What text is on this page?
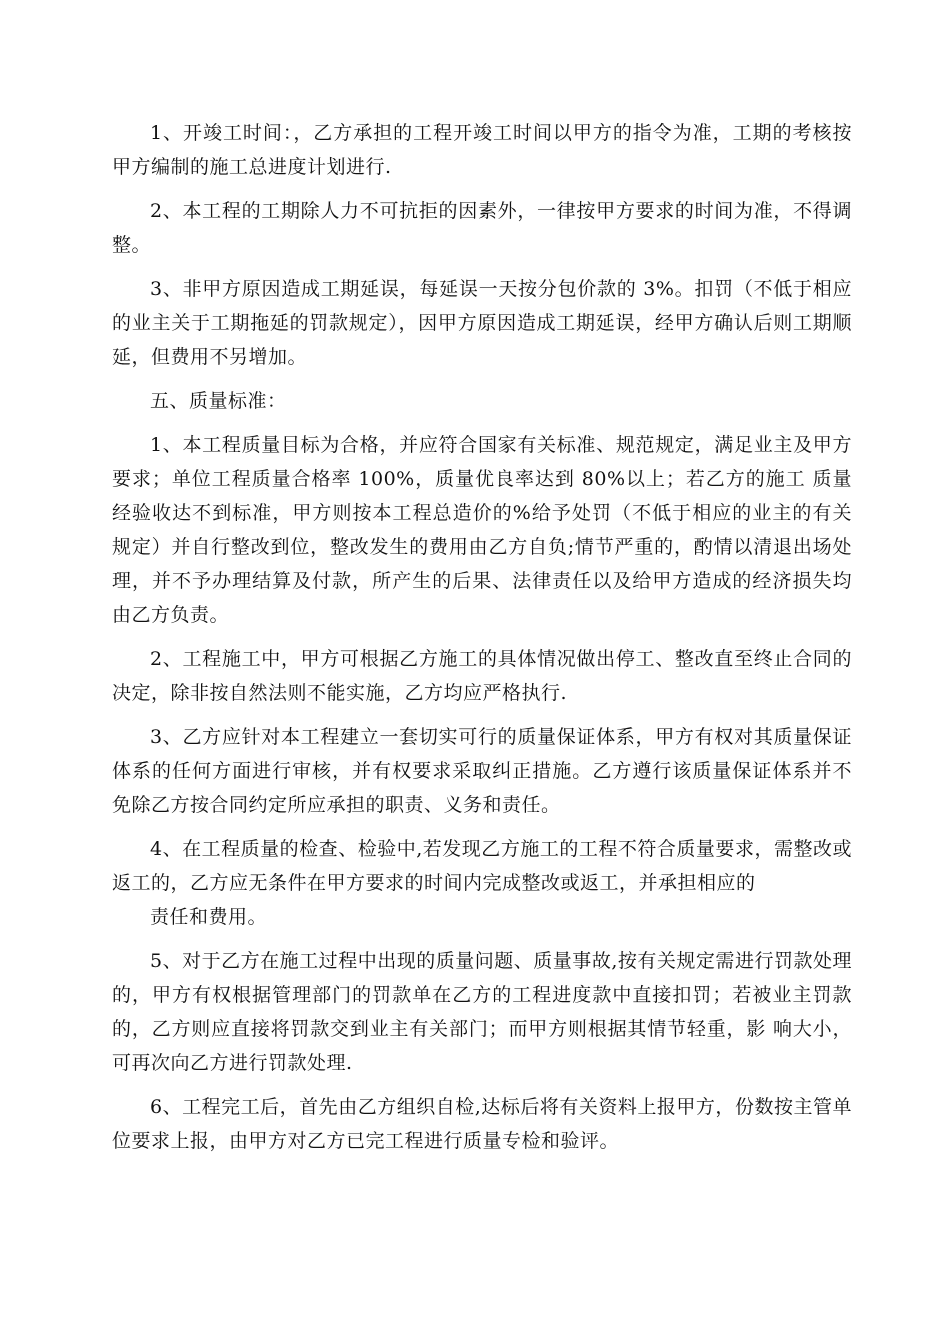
1、开竣工时间：，乙方承担的工程开竣工时间以甲方的指令为准，工期的考核按甲方编制的施工总进度计划进行.

2、本工程的工期除人力不可抗拒的因素外，一律按甲方要求的时间为准，不得调整。

3、非甲方原因造成工期延误，每延误一天按分包价款的 3%。扣罚（不低于相应的业主关于工期拖延的罚款规定），因甲方原因造成工期延误，经甲方确认后则工期顺延，但费用不另增加。

五、质量标准：

1、本工程质量目标为合格，并应符合国家有关标准、规范规定，满足业主及甲方要求；单位工程质量合格率 100%，质量优良率达到 80%以上；若乙方的施工 质量经验收达不到标准，甲方则按本工程总造价的%给予处罚（不低于相应的业主的有关规定）并自行整改到位，整改发生的费用由乙方自负;情节严重的，酌情以清退出场处理，并不予办理结算及付款，所产生的后果、法律责任以及给甲方造成的经济损失均由乙方负责。

2、工程施工中，甲方可根据乙方施工的具体情况做出停工、整改直至终止合同的决定，除非按自然法则不能实施，乙方均应严格执行.

3、乙方应针对本工程建立一套切实可行的质量保证体系，甲方有权对其质量保证体系的任何方面进行审核，并有权要求采取纠正措施。乙方遵行该质量保证体系并不免除乙方按合同约定所应承担的职责、义务和责任。

4、在工程质量的检查、检验中,若发现乙方施工的工程不符合质量要求，需整改或返工的，乙方应无条件在甲方要求的时间内完成整改或返工，并承担相应的

责任和费用。

5、对于乙方在施工过程中出现的质量问题、质量事故,按有关规定需进行罚款处理的，甲方有权根据管理部门的罚款单在乙方的工程进度款中直接扣罚；若被业主罚款的，乙方则应直接将罚款交到业主有关部门；而甲方则根据其情节轻重，影 响大小，可再次向乙方进行罚款处理.

6、工程完工后，首先由乙方组织自检,达标后将有关资料上报甲方，份数按主管单位要求上报，由甲方对乙方已完工程进行质量专检和验评。
